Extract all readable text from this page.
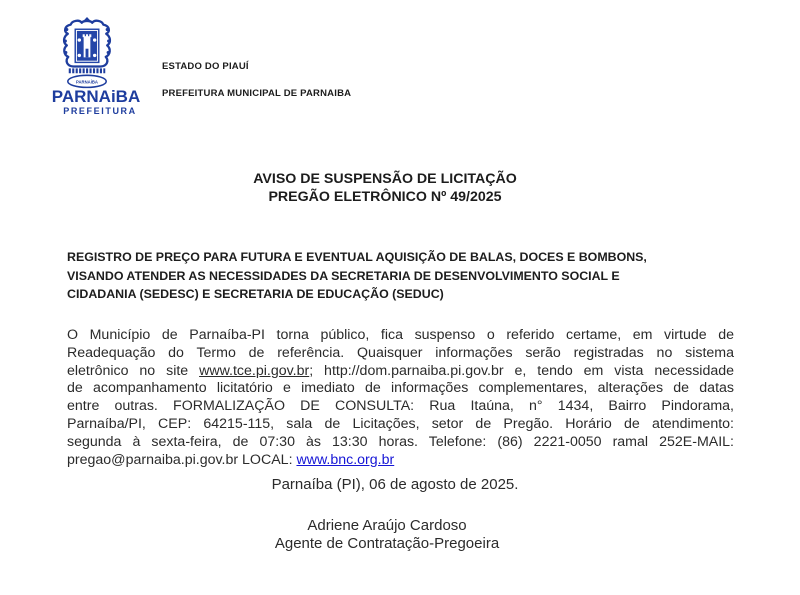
PARNAÍBA
PARNAiBA
PREFEITURA
ESTADO DO PIAUÍ
PREFEITURA MUNICIPAL DE PARNAIBA
AVISO DE SUSPENSÃO DE LICITAÇÃO
PREGÃO ELETRÔNICO Nº 49/2025
REGISTRO DE PREÇO PARA FUTURA E EVENTUAL AQUISIÇÃO DE BALAS, DOCES E BOMBONS,
VISANDO ATENDER AS NECESSIDADES DA SECRETARIA DE DESENVOLVIMENTO SOCIAL E
CIDADANIA (SEDESC) E SECRETARIA DE EDUCAÇÃO (SEDUC)
O Município de Parnaíba-PI torna público, fica suspenso o referido certame, em virtude de
Readequação do Termo de referência. Quaisquer informações serão registradas no sistema
eletrônico no site www.tce.pi.gov.br; http://dom.parnaiba.pi.gov.br e, tendo em vista necessidade
de acompanhamento licitatório e imediato de informações complementares, alterações de datas
entre outras. FORMALIZAÇÃO DE CONSULTA: Rua Itaúna, n° 1434, Bairro Pindorama,
Parnaíba/PI, CEP: 64215-115, sala de Licitações, setor de Pregão. Horário de atendimento:
segunda à sexta-feira, de 07:30 às 13:30 horas. Telefone: (86) 2221-0050 ramal 252E-MAIL:
pregao@parnaiba.pi.gov.br LOCAL: www.bnc.org.br
Parnaíba (PI), 06 de agosto de 2025.
Adriene Araújo Cardoso
Agente de Contratação-Pregoeira
